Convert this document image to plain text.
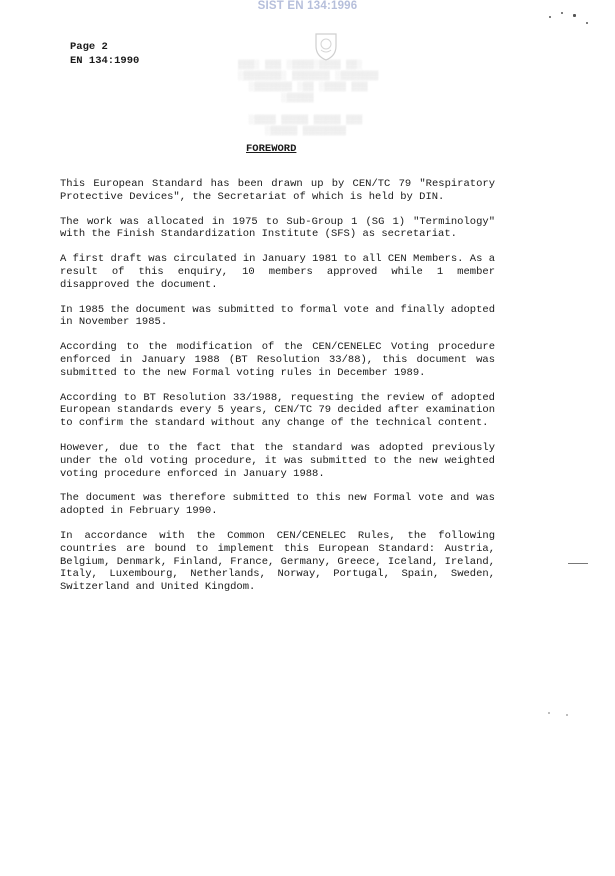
SIST EN 134:1996
Page 2
EN 134:1990	▒▒▒░ ▒▒▒ ░▒▒▒▒░▒▒▒▒ ▒▒░
░▒▒▒▒▒▒▒░ ▒▒▒▒▒▒▒ ░▒▒▒▒▒▒▒
░▒▒▒▒▒▒▒ ░▒▒ ░▒▒▒▒ ▒▒▒
░▒▒▒▒▒

░▒▒▒▒ ▒▒▒▒▒ ▒▒▒▒▒ ▒▒▒
░▒▒▒▒▒ ▒▒▒▒▒▒▒▒
FOREWORD

This European Standard has been drawn up by CEN/TC 79 "Respiratory Protective Devices", the Secretariat of which is held by DIN.

The work was allocated in 1975 to Sub-Group 1 (SG 1) "Terminology" with the Finish Standardization Institute (SFS) as secretariat.

A first draft was circulated in January 1981 to all CEN Members. As a result of this enquiry, 10 members approved while 1 member disapproved the document.

In 1985 the document was submitted to formal vote and finally adopted in November 1985.

According to the modification of the CEN/CENELEC Voting procedure enforced in January 1988 (BT Resolution 33/88), this document was submitted to the new Formal voting rules in December 1989.

According to BT Resolution 33/1988, requesting the review of adopted European standards every 5 years, CEN/TC 79 decided after examination to confirm the standard without any change of the technical content.

However, due to the fact that the standard was adopted previously under the old voting procedure, it was submitted to the new weighted voting procedure enforced in January 1988.

The document was therefore submitted to this new Formal vote and was adopted in February 1990.

In accordance with the Common CEN/CENELEC Rules, the following countries are bound to implement this European Standard: Austria, Belgium, Denmark, Finland, France, Germany, Greece, Iceland, Ireland, Italy, Luxembourg, Netherlands, Norway, Portugal, Spain, Sweden, Switzerland and United Kingdom.
